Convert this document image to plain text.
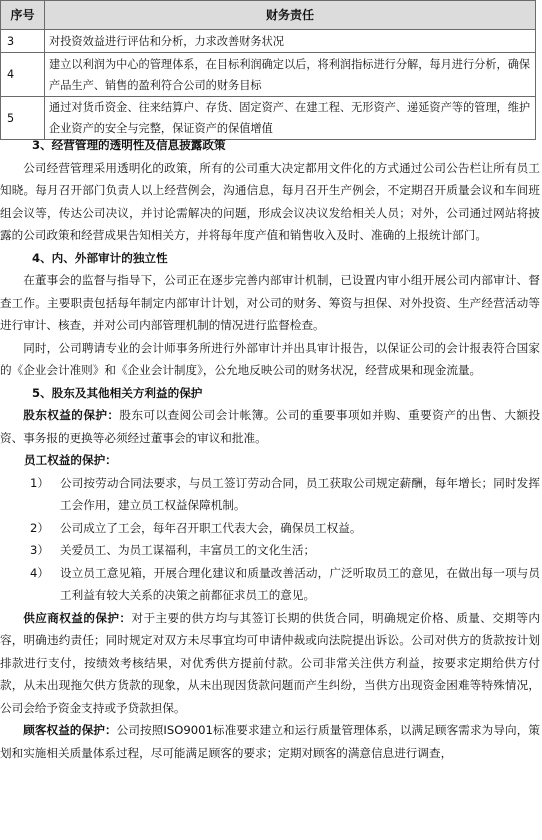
序号	财务责任
3	对投资效益进行评估和分析，力求改善财务状况
4	建立以利润为中心的管理体系，在目标利润确定以后，将利润指标进行分解，每月进行分析，确保产品生产、销售的盈利符合公司的财务目标
5	通过对货币资金、往来结算户、存货、固定资产、在建工程、无形资产、递延资产等的管理，维护企业资产的安全与完整，保证资产的保值增值
3、经营管理的透明性及信息披露政策
公司经营管理采用透明化的政策，所有的公司重大决定都用文件化的方式通过公司公告栏让所有员工知晓。每月召开部门负责人以上经营例会，沟通信息，每月召开生产例会，不定期召开质量会议和车间班组会议等，传达公司决议，并讨论需解决的问题，形成会议决议发给相关人员；对外，公司通过网站将披露的公司政策和经营成果告知相关方，并将每年度产值和销售收入及时、准确的上报统计部门。
4、内、外部审计的独立性
在董事会的监督与指导下，公司正在逐步完善内部审计机制，已设置内审小组开展公司内部审计、督查工作。主要职责包括每年制定内部审计计划，对公司的财务、筹资与担保、对外投资、生产经营活动等进行审计、核查，并对公司内部管理机制的情况进行监督检查。
同时，公司聘请专业的会计师事务所进行外部审计并出具审计报告，以保证公司的会计报表符合国家的《企业会计准则》和《企业会计制度》，公允地反映公司的财务状况，经营成果和现金流量。
5、股东及其他相关方利益的保护
股东权益的保护：股东可以查阅公司会计帐簿。公司的重要事项如并购、重要资产的出售、大额投资、事务报的更换等必须经过董事会的审议和批准。
员工权益的保护：
1） 公司按劳动合同法要求，与员工签订劳动合同，员工获取公司规定薪酬，每年增长；同时发挥工会作用，建立员工权益保障机制。
2） 公司成立了工会，每年召开职工代表大会，确保员工权益。
3） 关爱员工、为员工谋福利，丰富员工的文化生活；
4） 设立员工意见箱，开展合理化建议和质量改善活动，广泛听取员工的意见，在做出每一项与员工利益有较大关系的决策之前都征求员工的意见。
供应商权益的保护：对于主要的供方均与其签订长期的供货合同，明确规定价格、质量、交期等内容，明确违约责任；同时规定对双方未尽事宜均可申请仲裁或向法院提出诉讼。公司对供方的货款按计划排款进行支付，按绩效考核结果，对优秀供方提前付款。公司非常关注供方利益，按要求定期给供方付款，从未出现拖欠供方货款的现象，从未出现因货款问题而产生纠纷，当供方出现资金困难等特殊情况，公司会给予资金支持或予贷款担保。
顾客权益的保护：公司按照ISO9001标准要求建立和运行质量管理体系，以满足顾客需求为导向，策划和实施相关质量体系过程，尽可能满足顾客的要求；定期对顾客的满意信息进行调查，
